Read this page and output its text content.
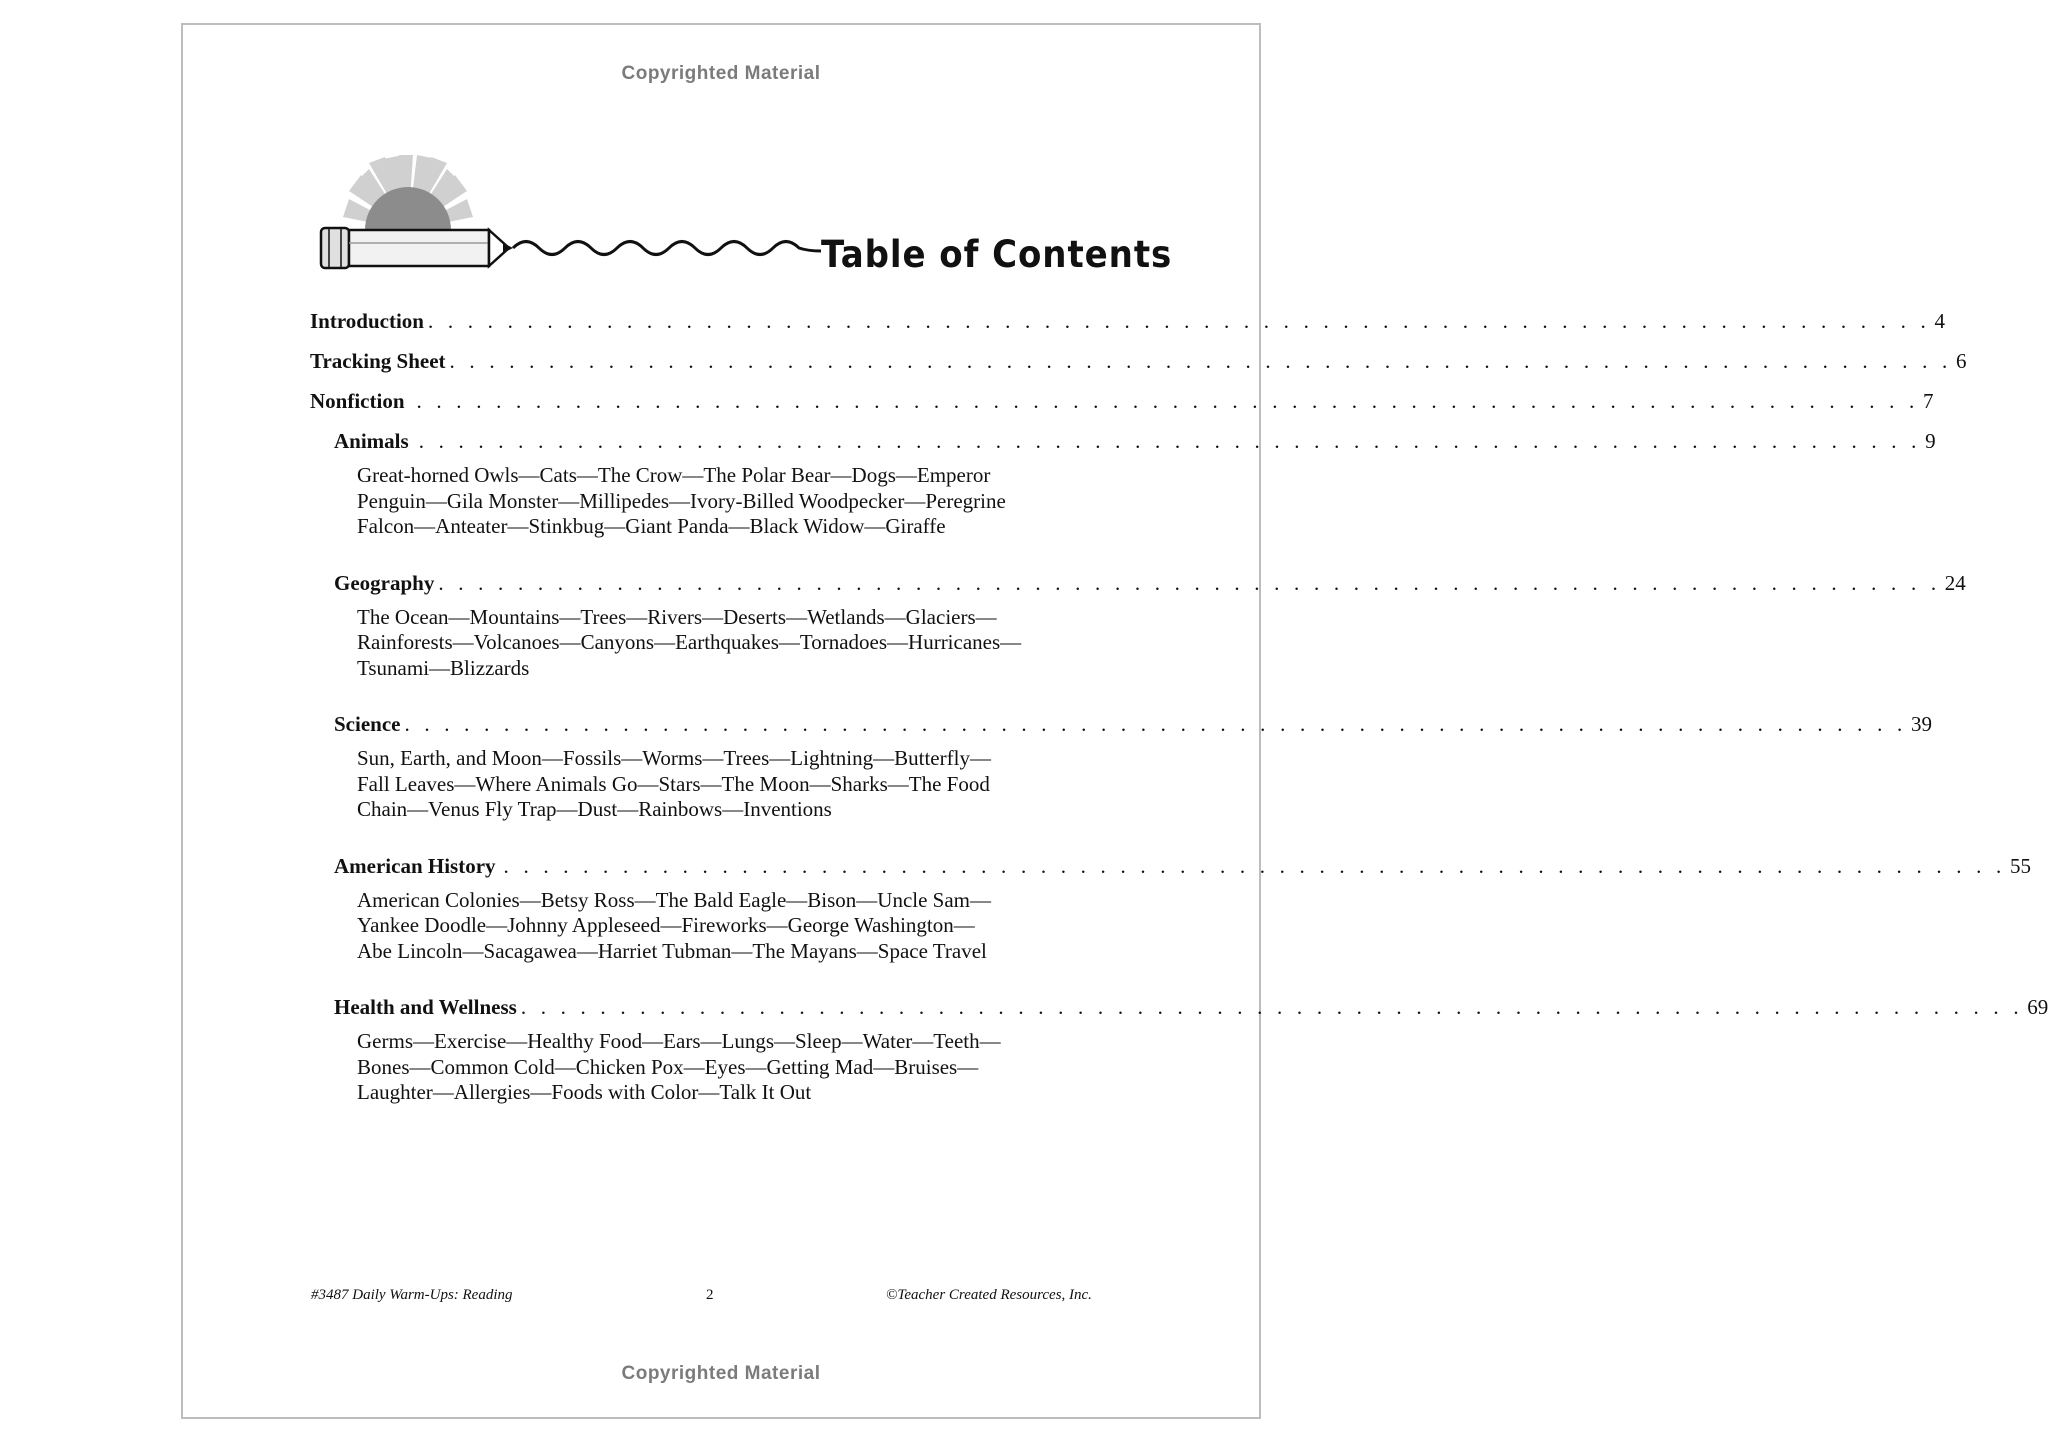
Copyrighted Material
Table of Contents
Introduction . . . . . . . . . . . . . . . . . . . . . . . . . . . . . . . . . . . . . . . . . . . . . . . . . . . . . . . . . . . . . . . . . . . . . . . . . . . . 4
Tracking Sheet . . . . . . . . . . . . . . . . . . . . . . . . . . . . . . . . . . . . . . . . . . . . . . . . . . . . . . . . . . . . . . . . . . . . . . . . . . . . 6
Nonfiction . . . . . . . . . . . . . . . . . . . . . . . . . . . . . . . . . . . . . . . . . . . . . . . . . . . . . . . . . . . . . . . . . . . . . . . . . . . . 7
Animals . . . . . . . . . . . . . . . . . . . . . . . . . . . . . . . . . . . . . . . . . . . . . . . . . . . . . . . . . . . . . . . . . . . . . . . . . . . . 9
Great-horned Owls—Cats—The Crow—The Polar Bear—Dogs—Emperor
Penguin—Gila Monster—Millipedes—Ivory-Billed Woodpecker—Peregrine
Falcon—Anteater—Stinkbug—Giant Panda—Black Widow—Giraffe
Geography . . . . . . . . . . . . . . . . . . . . . . . . . . . . . . . . . . . . . . . . . . . . . . . . . . . . . . . . . . . . . . . . . . . . . . . . . . . . 24
The Ocean—Mountains—Trees—Rivers—Deserts—Wetlands—Glaciers—
Rainforests—Volcanoes—Canyons—Earthquakes—Tornadoes—Hurricanes—
Tsunami—Blizzards
Science . . . . . . . . . . . . . . . . . . . . . . . . . . . . . . . . . . . . . . . . . . . . . . . . . . . . . . . . . . . . . . . . . . . . . . . . . . . . 39
Sun, Earth, and Moon—Fossils—Worms—Trees—Lightning—Butterfly—
Fall Leaves—Where Animals Go—Stars—The Moon—Sharks—The Food
Chain—Venus Fly Trap—Dust—Rainbows—Inventions
American History . . . . . . . . . . . . . . . . . . . . . . . . . . . . . . . . . . . . . . . . . . . . . . . . . . . . . . . . . . . . . . . . . . . . . . . . . . . . 55
American Colonies—Betsy Ross—The Bald Eagle—Bison—Uncle Sam—
Yankee Doodle—Johnny Appleseed—Fireworks—George Washington—
Abe Lincoln—Sacagawea—Harriet Tubman—The Mayans—Space Travel
Health and Wellness . . . . . . . . . . . . . . . . . . . . . . . . . . . . . . . . . . . . . . . . . . . . . . . . . . . . . . . . . . . . . . . . . . . . . . . . . . . . 69
Germs—Exercise—Healthy Food—Ears—Lungs—Sleep—Water—Teeth—
Bones—Common Cold—Chicken Pox—Eyes—Getting Mad—Bruises—
Laughter—Allergies—Foods with Color—Talk It Out
#3487 Daily Warm-Ups: Reading	2	©Teacher Created Resources, Inc.
Copyrighted Material
